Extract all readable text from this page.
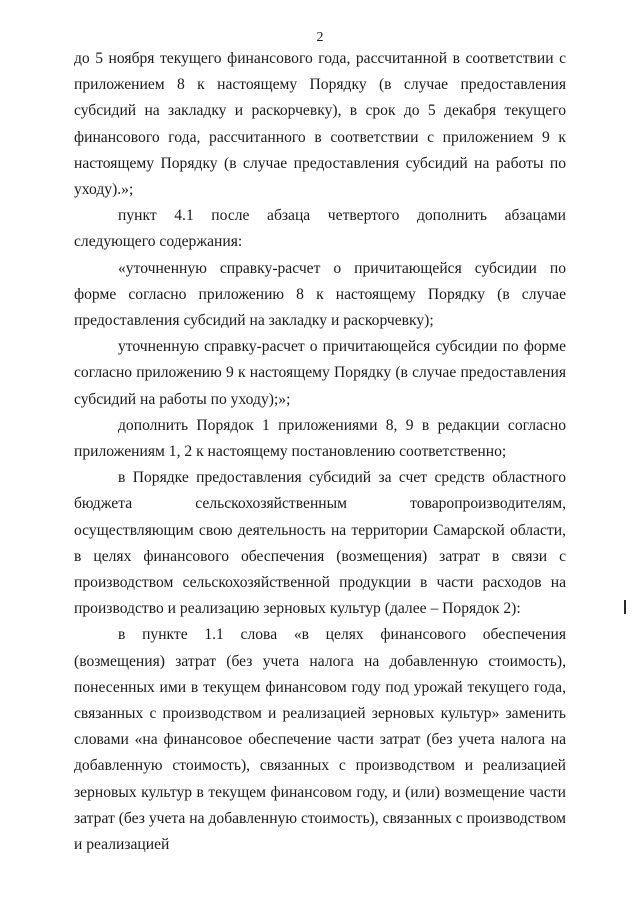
2

до 5 ноября текущего финансового года, рассчитанной в соответствии с приложением 8 к настоящему Порядку (в случае предоставления субсидий на закладку и раскорчевку), в срок до 5 декабря текущего финансового года, рассчитанного в соответствии с приложением 9 к настоящему Порядку (в случае предоставления субсидий на работы по уходу).»;

пункт 4.1 после абзаца четвертого дополнить абзацами следующего содержания:

«уточненную справку-расчет о причитающейся субсидии по форме согласно приложению 8 к настоящему Порядку (в случае предоставления субсидий на закладку и раскорчевку);

уточненную справку-расчет о причитающейся субсидии по форме согласно приложению 9 к настоящему Порядку (в случае предоставления субсидий на работы по уходу);»;

дополнить Порядок 1 приложениями 8, 9 в редакции согласно приложениям 1, 2 к настоящему постановлению соответственно;

в Порядке предоставления субсидий за счет средств областного бюджета сельскохозяйственным товаропроизводителям, осуществляющим свою деятельность на территории Самарской области, в целях финансового обеспечения (возмещения) затрат в связи с производством сельскохозяйственной продукции в части расходов на производство и реализацию зерновых культур (далее – Порядок 2):

в пункте 1.1 слова «в целях финансового обеспечения (возмещения) затрат (без учета налога на добавленную стоимость), понесенных ими в текущем финансовом году под урожай текущего года, связанных с производством и реализацией зерновых культур» заменить словами «на финансовое обеспечение части затрат (без учета налога на добавленную стоимость), связанных с производством и реализацией зерновых культур в текущем финансовом году, и (или) возмещение части затрат (без учета на добавленную стоимость), связанных с производством и реализацией
